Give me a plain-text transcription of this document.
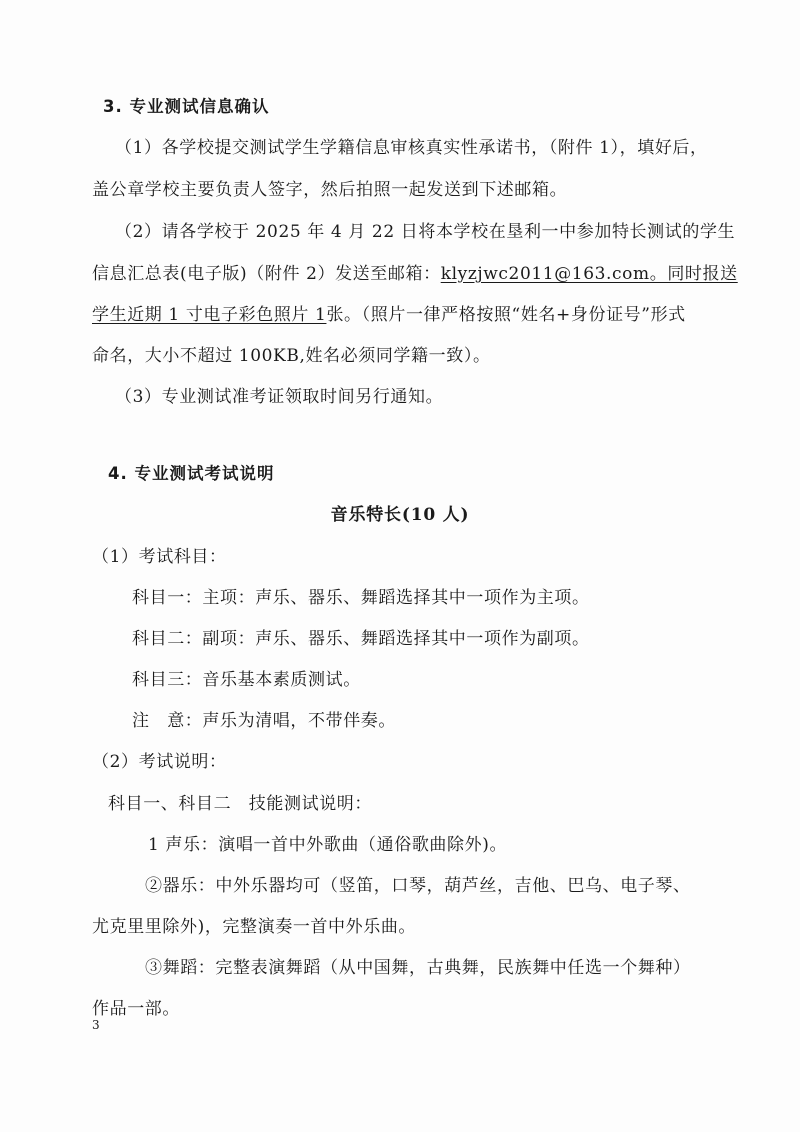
3. 专业测试信息确认
（1）各学校提交测试学生学籍信息审核真实性承诺书，（附件 1），填好后，
盖公章学校主要负责人签字，然后拍照一起发送到下述邮箱。
（2）请各学校于 2025 年 4 月 22 日将本学校在垦利一中参加特长测试的学生
信息汇总表(电子版)（附件 2）发送至邮箱：klyzjwc2011@163.com。同时报送
学生近期 1 寸电子彩色照片 1张。（照片一律严格按照“姓名+身份证号”形式
命名，大小不超过 100KB,姓名必须同学籍一致）。
（3）专业测试准考证领取时间另行通知。
4. 专业测试考试说明
音乐特长(10 人)
（1）考试科目：
科目一：主项：声乐、器乐、舞蹈选择其中一项作为主项。
科目二：副项：声乐、器乐、舞蹈选择其中一项作为副项。
科目三：音乐基本素质测试。
注　意：声乐为清唱，不带伴奏。
（2）考试说明：
科目一、科目二　技能测试说明：
1 声乐：演唱一首中外歌曲（通俗歌曲除外)。
②器乐：中外乐器均可（竖笛，口琴，葫芦丝，吉他、巴乌、电子琴、
尤克里里除外)，完整演奏一首中外乐曲。
③舞蹈：完整表演舞蹈（从中国舞，古典舞，民族舞中任选一个舞种）
作品一部。
3
